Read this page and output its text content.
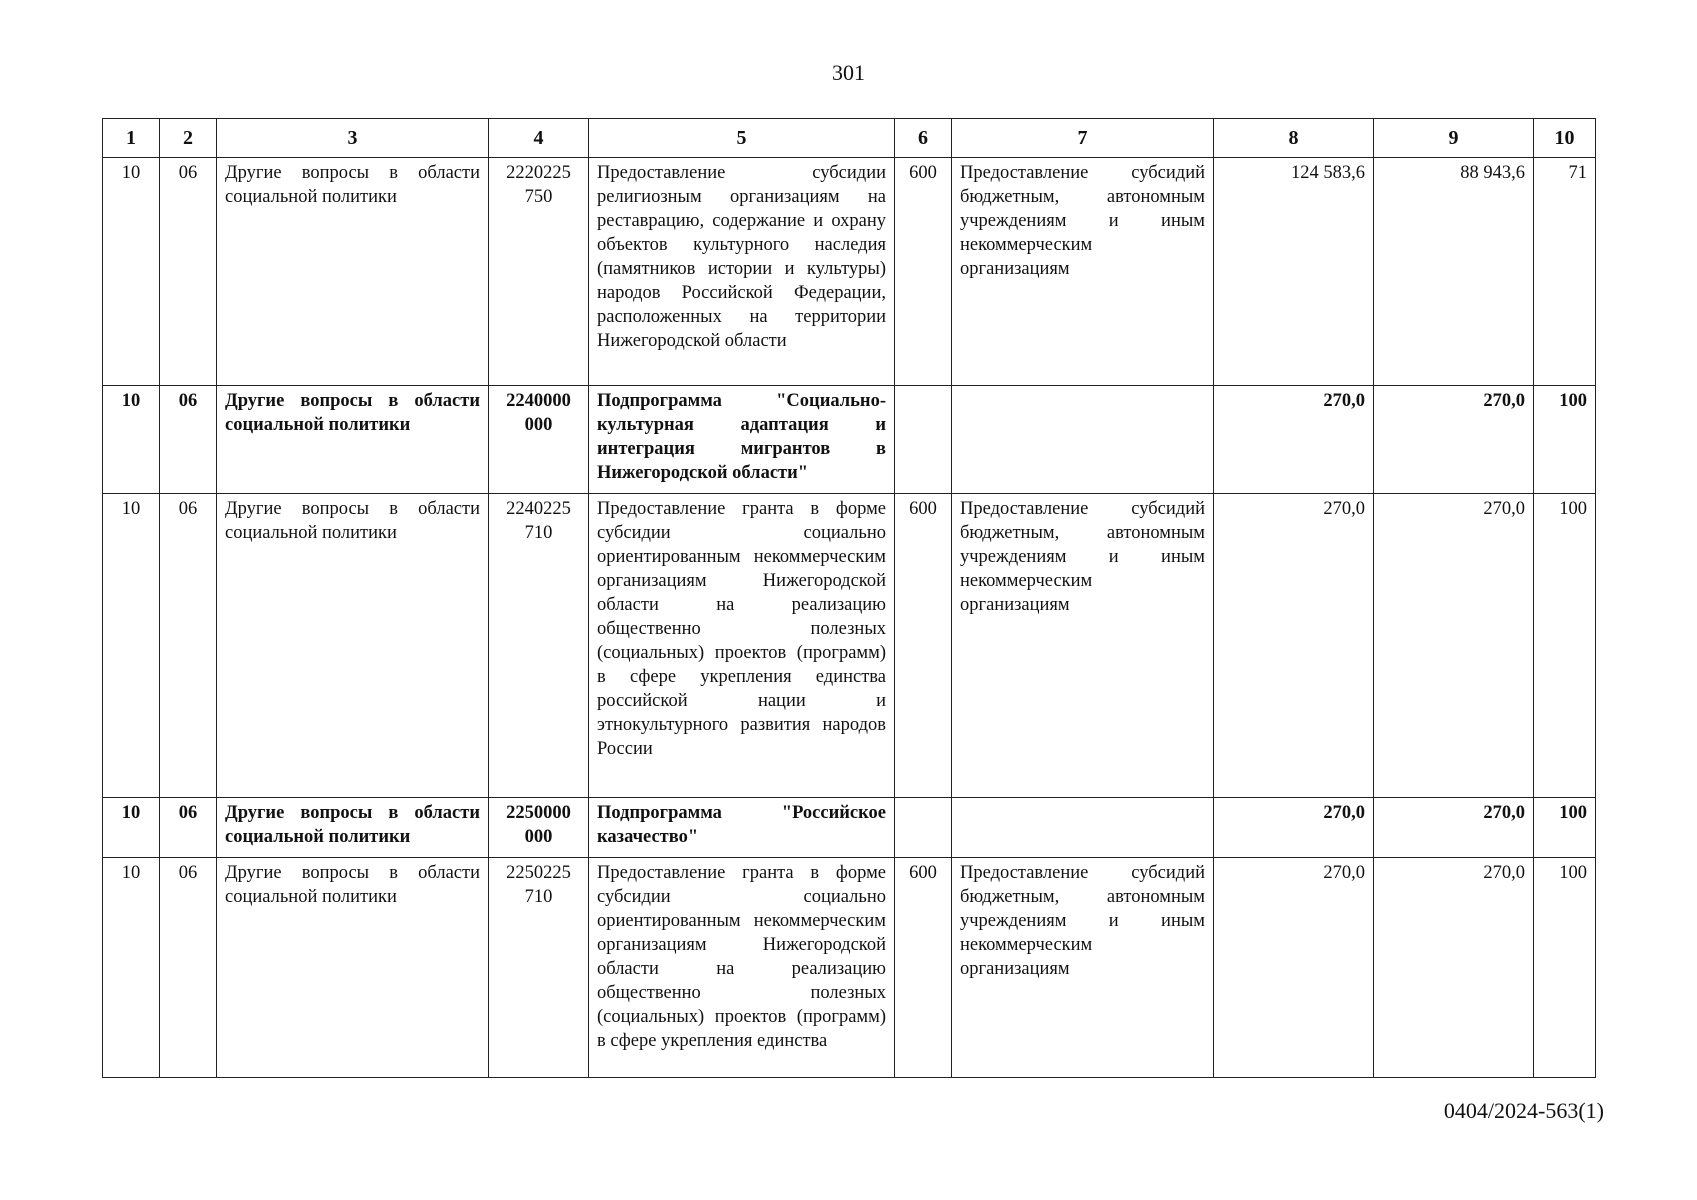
301
1	2	3	4	5	6	7	8	9	10
10	06	Другие вопросы в области социальной политики	2220225 750	Предоставление субсидии религиозным организациям на реставрацию, содержание и охрану объектов культурного наследия (памятников истории и культуры) народов Российской Федерации, расположенных на территории Нижегородской области	600	Предоставление субсидий бюджетным, автономным учреждениям и иным некоммерческим организациям	124 583,6	88 943,6	71
10	06	Другие вопросы в области социальной политики	2240000 000	Подпрограмма "Социально-культурная адаптация и интеграция мигрантов в Нижегородской области"			270,0	270,0	100
10	06	Другие вопросы в области социальной политики	2240225 710	Предоставление гранта в форме субсидии социально ориентированным некоммерческим организациям Нижегородской области на реализацию общественно полезных (социальных) проектов (программ) в сфере укрепления единства российской нации и этнокультурного развития народов России	600	Предоставление субсидий бюджетным, автономным учреждениям и иным некоммерческим организациям	270,0	270,0	100
10	06	Другие вопросы в области социальной политики	2250000 000	Подпрограмма "Российское казачество"			270,0	270,0	100
10	06	Другие вопросы в области социальной политики	2250225 710	Предоставление гранта в форме субсидии социально ориентированным некоммерческим организациям Нижегородской области на реализацию общественно полезных (социальных) проектов (программ) в сфере укрепления единства	600	Предоставление субсидий бюджетным, автономным учреждениям и иным некоммерческим организациям	270,0	270,0	100
0404/2024-563(1)
